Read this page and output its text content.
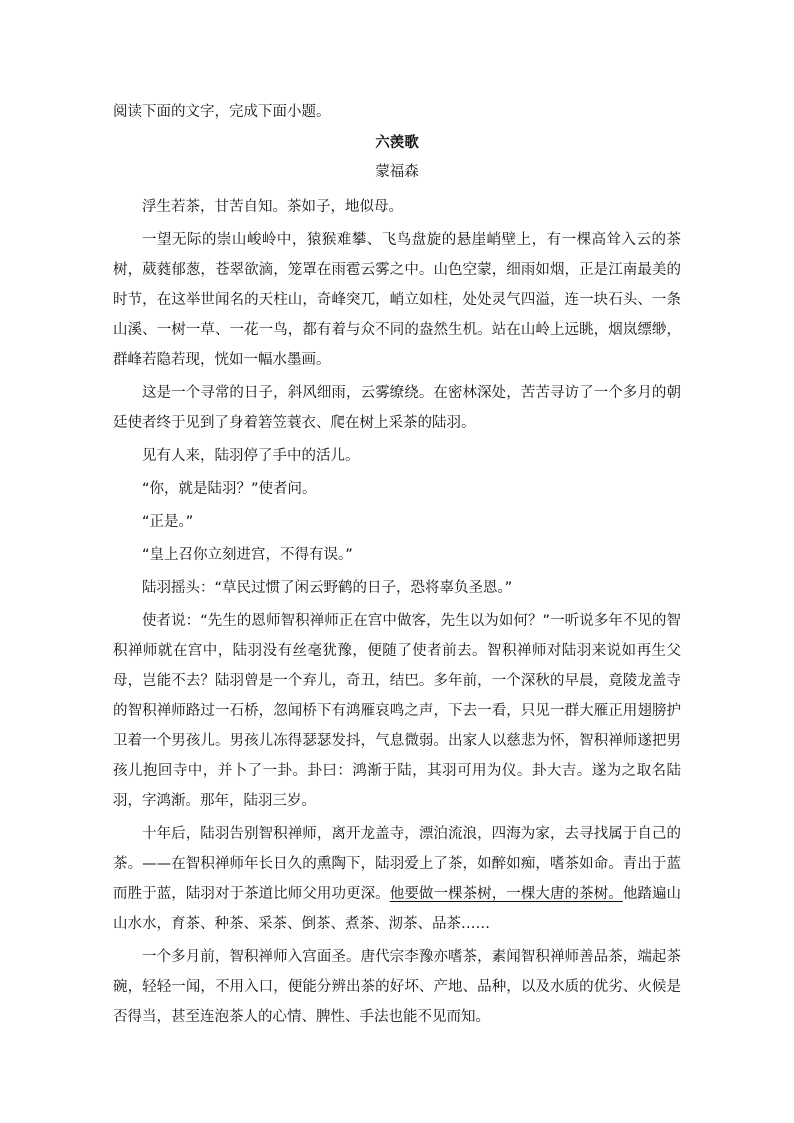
阅读下面的文字，完成下面小题。
六羡歌
蒙福森

浮生若茶，甘苦自知。茶如子，地似母。

一望无际的崇山峻岭中，猿猴难攀、飞鸟盘旋的悬崖峭壁上，有一棵高耸入云的茶树，葳蕤郁葱，苍翠欲滴，笼罩在雨雹云雾之中。山色空蒙，细雨如烟，正是江南最美的时节，在这举世闻名的天柱山，奇峰突兀，峭立如柱，处处灵气四溢，连一块石头、一条山溪、一树一草、一花一鸟，都有着与众不同的盎然生机。站在山岭上远眺，烟岚缥缈，群峰若隐若现，恍如一幅水墨画。

这是一个寻常的日子，斜风细雨，云雾缭绕。在密林深处，苦苦寻访了一个多月的朝廷使者终于见到了身着箬笠蓑衣、爬在树上采茶的陆羽。

见有人来，陆羽停了手中的活儿。

“你，就是陆羽？”使者问。

“正是。”

“皇上召你立刻进宫，不得有误。”

陆羽摇头：“草民过惯了闲云野鹤的日子，恐将辜负圣恩。”

使者说：“先生的恩师智积禅师正在宫中做客，先生以为如何？”一听说多年不见的智积禅师就在宫中，陆羽没有丝毫犹豫，便随了使者前去。智积禅师对陆羽来说如再生父母，岂能不去？陆羽曾是一个弃儿，奇丑，结巴。多年前，一个深秋的早晨，竟陵龙盖寺的智积禅师路过一石桥，忽闻桥下有鸿雁哀鸣之声，下去一看，只见一群大雁正用翅膀护卫着一个男孩儿。男孩儿冻得瑟瑟发抖，气息微弱。出家人以慈悲为怀，智积禅师遂把男孩儿抱回寺中，并卜了一卦。卦曰：鸿渐于陆，其羽可用为仪。卦大吉。遂为之取名陆羽，字鸿渐。那年，陆羽三岁。

十年后，陆羽告别智积禅师，离开龙盖寺，漂泊流浪，四海为家，去寻找属于自己的茶。——在智积禅师年长日久的熏陶下，陆羽爱上了茶，如醉如痴，嗜茶如命。青出于蓝而胜于蓝，陆羽对于茶道比师父用功更深。他要做一棵茶树，一棵大唐的茶树。他踏遍山山水水，育茶、种茶、采茶、倒茶、煮茶、沏茶、品茶……

一个多月前，智积禅师入宫面圣。唐代宗李豫亦嗜茶，素闻智积禅师善品茶，端起茶碗，轻轻一闻，不用入口，便能分辨出茶的好坏、产地、品种，以及水质的优劣、火候是否得当，甚至连泡茶人的心情、脾性、手法也能不见而知。
